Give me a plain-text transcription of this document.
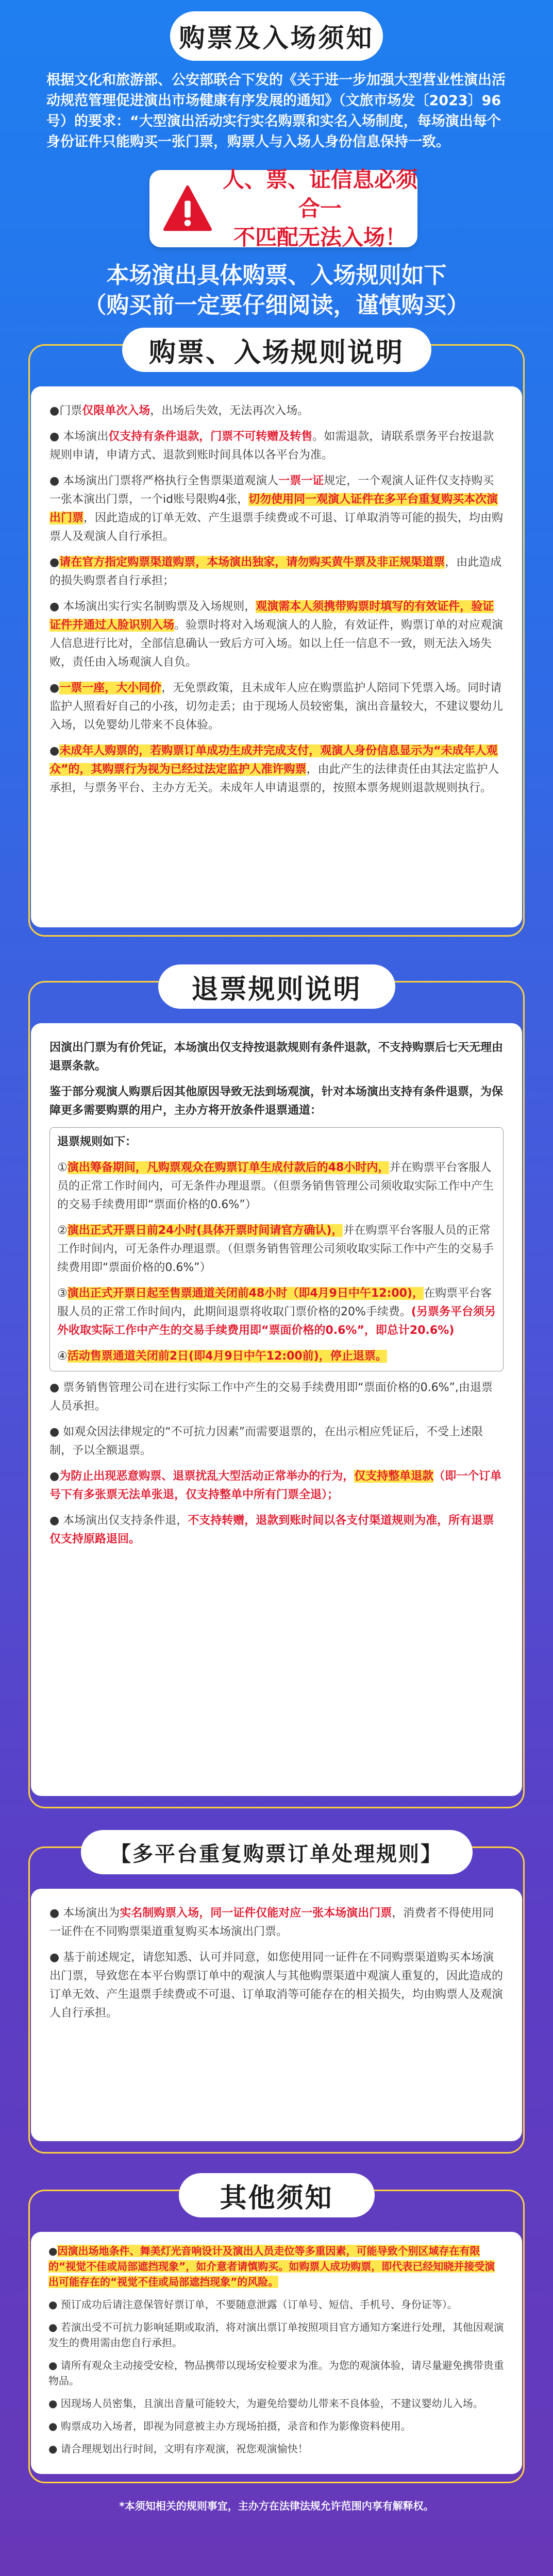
购票及入场须知
根据文化和旅游部、公安部联合下发的《关于进一步加强大型营业性演出活动规范管理促进演出市场健康有序发展的通知》（文旅市场发〔2023〕96号）的要求：“大型演出活动实行实名购票和实名入场制度，每场演出每个身份证件只能购买一张门票，购票人与入场人身份信息保持一致。
人、票、证信息必须合一
不匹配无法入场！
本场演出具体购票、入场规则如下
（购买前一定要仔细阅读，谨慎购买）
购票、入场规则说明

●门票仅限单次入场，出场后失效，无法再次入场。

● 本场演出仅支持有条件退款，门票不可转赠及转售。如需退款，请联系票务平台按退款规则申请，申请方式、退款到账时间具体以各平台为准。

● 本场演出门票将严格执行全售票渠道观演人一票一证规定，一个观演人证件仅支持购买一张本演出门票，一个id账号限购4张，切勿使用同一观演人证件在多平台重复购买本次演出门票，因此造成的订单无效、产生退票手续费或不可退、订单取消等可能的损失，均由购票人及观演人自行承担。

●请在官方指定购票渠道购票，本场演出独家，请勿购买黄牛票及非正规渠道票，由此造成的损失购票者自行承担；

● 本场演出实行实名制购票及入场规则，观演需本人须携带购票时填写的有效证件，验证证件并通过人脸识别入场。验票时将对入场观演人的人脸，有效证件，购票订单的对应观演人信息进行比对，全部信息确认一致后方可入场。如以上任一信息不一致，则无法入场失败，责任由入场观演人自负。

●一票一座，大小同价，无免票政策，且未成年人应在购票监护人陪同下凭票入场。同时请监护人照看好自己的小孩，切勿走丢；由于现场人员较密集，演出音量较大，不建议婴幼儿入场，以免婴幼儿带来不良体验。

●未成年人购票的，若购票订单成功生成并完成支付，观演人身份信息显示为“未成年人观众”的，其购票行为视为已经过法定监护人准许购票，由此产生的法律责任由其法定监护人承担，与票务平台、主办方无关。未成年人申请退票的，按照本票务规则退款规则执行。

退票规则说明

因演出门票为有价凭证，本场演出仅支持按退款规则有条件退款，不支持购票后七天无理由退票条款。

鉴于部分观演人购票后因其他原因导致无法到场观演，针对本场演出支持有条件退票，为保障更多需要购票的用户，主办方将开放条件退票通道：

退票规则如下：

①演出筹备期间，凡购票观众在购票订单生成付款后的48小时内，并在购票平台客服人员的正常工作时间内，可无条件办理退票。（但票务销售管理公司须收取实际工作中产生的交易手续费用即“票面价格的0.6%”）

②演出正式开票日前24小时(具体开票时间请官方确认)，并在购票平台客服人员的正常工作时间内，可无条件办理退票。（但票务销售管理公司须收取实际工作中产生的交易手续费用即“票面价格的0.6%”）

③演出正式开票日起至售票通道关闭前48小时（即4月9日中午12:00)，在购票平台客服人员的正常工作时间内，此期间退票将收取门票价格的20%手续费。(另票务平台须另外收取实际工作中产生的交易手续费用即“票面价格的0.6%”，即总计20.6%)

④活动售票通道关闭前2日(即4月9日中午12:00前)，停止退票。

● 票务销售管理公司在进行实际工作中产生的交易手续费用即“票面价格的0.6%”,由退票人员承担。

● 如观众因法律规定的“不可抗力因素”而需要退票的，在出示相应凭证后，不受上述限制，予以全额退票。

●为防止出现恶意购票、退票扰乱大型活动正常举办的行为，仅支持整单退款（即一个订单号下有多张票无法单张退，仅支持整单中所有门票全退）；

● 本场演出仅支持条件退，不支持转赠，退款到账时间以各支付渠道规则为准，所有退票仅支持原路退回。

【多平台重复购票订单处理规则】

● 本场演出为实名制购票入场，同一证件仅能对应一张本场演出门票，消费者不得使用同一证件在不同购票渠道重复购买本场演出门票。

● 基于前述规定，请您知悉、认可并同意，如您使用同一证件在不同购票渠道购买本场演出门票，导致您在本平台购票订单中的观演人与其他购票渠道中观演人重复的，因此造成的订单无效、产生退票手续费或不可退、订单取消等可能存在的相关损失，均由购票人及观演人自行承担。

其他须知

●因演出场地条件、舞美灯光音响设计及演出人员走位等多重因素，可能导致个别区域存在有限的“视觉不佳或局部遮挡现象”，如介意者请慎购买。如购票人成功购票，即代表已经知晓并接受演出可能存在的“视觉不佳或局部遮挡现象”的风险。

● 预订成功后请注意保管好票订单，不要随意泄露（订单号、短信、手机号、身份证等）。

● 若演出受不可抗力影响延期或取消，将对演出票订单按照项目官方通知方案进行处理，其他因观演发生的费用需由您自行承担。

● 请所有观众主动接受安检，物品携带以现场安检要求为准。为您的观演体验，请尽量避免携带贵重物品。

● 因现场人员密集，且演出音量可能较大，为避免给婴幼儿带来不良体验，不建议婴幼儿入场。

● 购票成功入场者，即视为同意被主办方现场拍摄，录音和作为影像资料使用。

● 请合理规划出行时间，文明有序观演，祝您观演愉快！

*本须知相关的规则事宜，主办方在法律法规允许范围内享有解释权。
